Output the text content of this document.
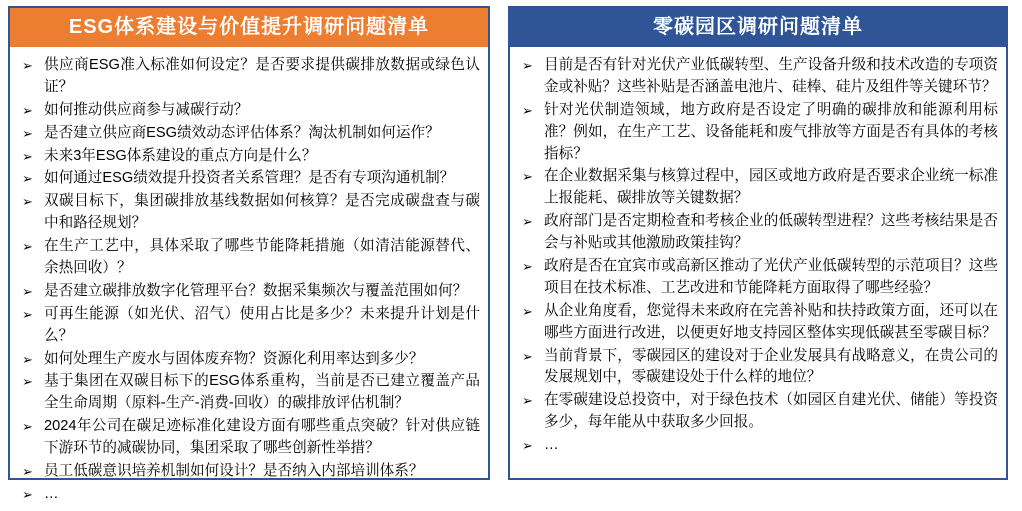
ESG体系建设与价值提升调研问题清单
➢ 供应商ESG准入标准如何设定？是否要求提供碳排放数据或绿色认证？
➢ 如何推动供应商参与减碳行动？
➢ 是否建立供应商ESG绩效动态评估体系？淘汰机制如何运作？
➢ 未来3年ESG体系建设的重点方向是什么？
➢ 如何通过ESG绩效提升投资者关系管理？是否有专项沟通机制？
➢ 双碳目标下，集团碳排放基线数据如何核算？是否完成碳盘查与碳中和路径规划？
➢ 在生产工艺中，具体采取了哪些节能降耗措施（如清洁能源替代、余热回收）？
➢ 是否建立碳排放数字化管理平台？数据采集频次与覆盖范围如何？
➢ 可再生能源（如光伏、沼气）使用占比是多少？未来提升计划是什么？
➢ 如何处理生产废水与固体废弃物？资源化利用率达到多少？
➢ 基于集团在双碳目标下的ESG体系重构，当前是否已建立覆盖产品全生命周期（原料-生产-消费-回收）的碳排放评估机制？
➢ 2024年公司在碳足迹标准化建设方面有哪些重点突破？针对供应链下游环节的减碳协同，集团采取了哪些创新性举措？
➢ 员工低碳意识培养机制如何设计？是否纳入内部培训体系？
➢ …
零碳园区调研问题清单
➢ 目前是否有针对光伏产业低碳转型、生产设备升级和技术改造的专项资金或补贴？这些补贴是否涵盖电池片、硅棒、硅片及组件等关键环节？
➢ 针对光伏制造领域，地方政府是否设定了明确的碳排放和能源利用标准？例如，在生产工艺、设备能耗和废气排放等方面是否有具体的考核指标？
➢ 在企业数据采集与核算过程中，园区或地方政府是否要求企业统一标准上报能耗、碳排放等关键数据？
➢ 政府部门是否定期检查和考核企业的低碳转型进程？这些考核结果是否会与补贴或其他激励政策挂钩？
➢ 政府是否在宜宾市或高新区推动了光伏产业低碳转型的示范项目？这些项目在技术标准、工艺改进和节能降耗方面取得了哪些经验？
➢ 从企业角度看，您觉得未来政府在完善补贴和扶持政策方面，还可以在哪些方面进行改进，以便更好地支持园区整体实现低碳甚至零碳目标？
➢ 当前背景下，零碳园区的建设对于企业发展具有战略意义，在贵公司的发展规划中，零碳建设处于什么样的地位？
➢ 在零碳建设总投资中，对于绿色技术（如园区自建光伏、储能）等投资多少，每年能从中获取多少回报。
➢ …
